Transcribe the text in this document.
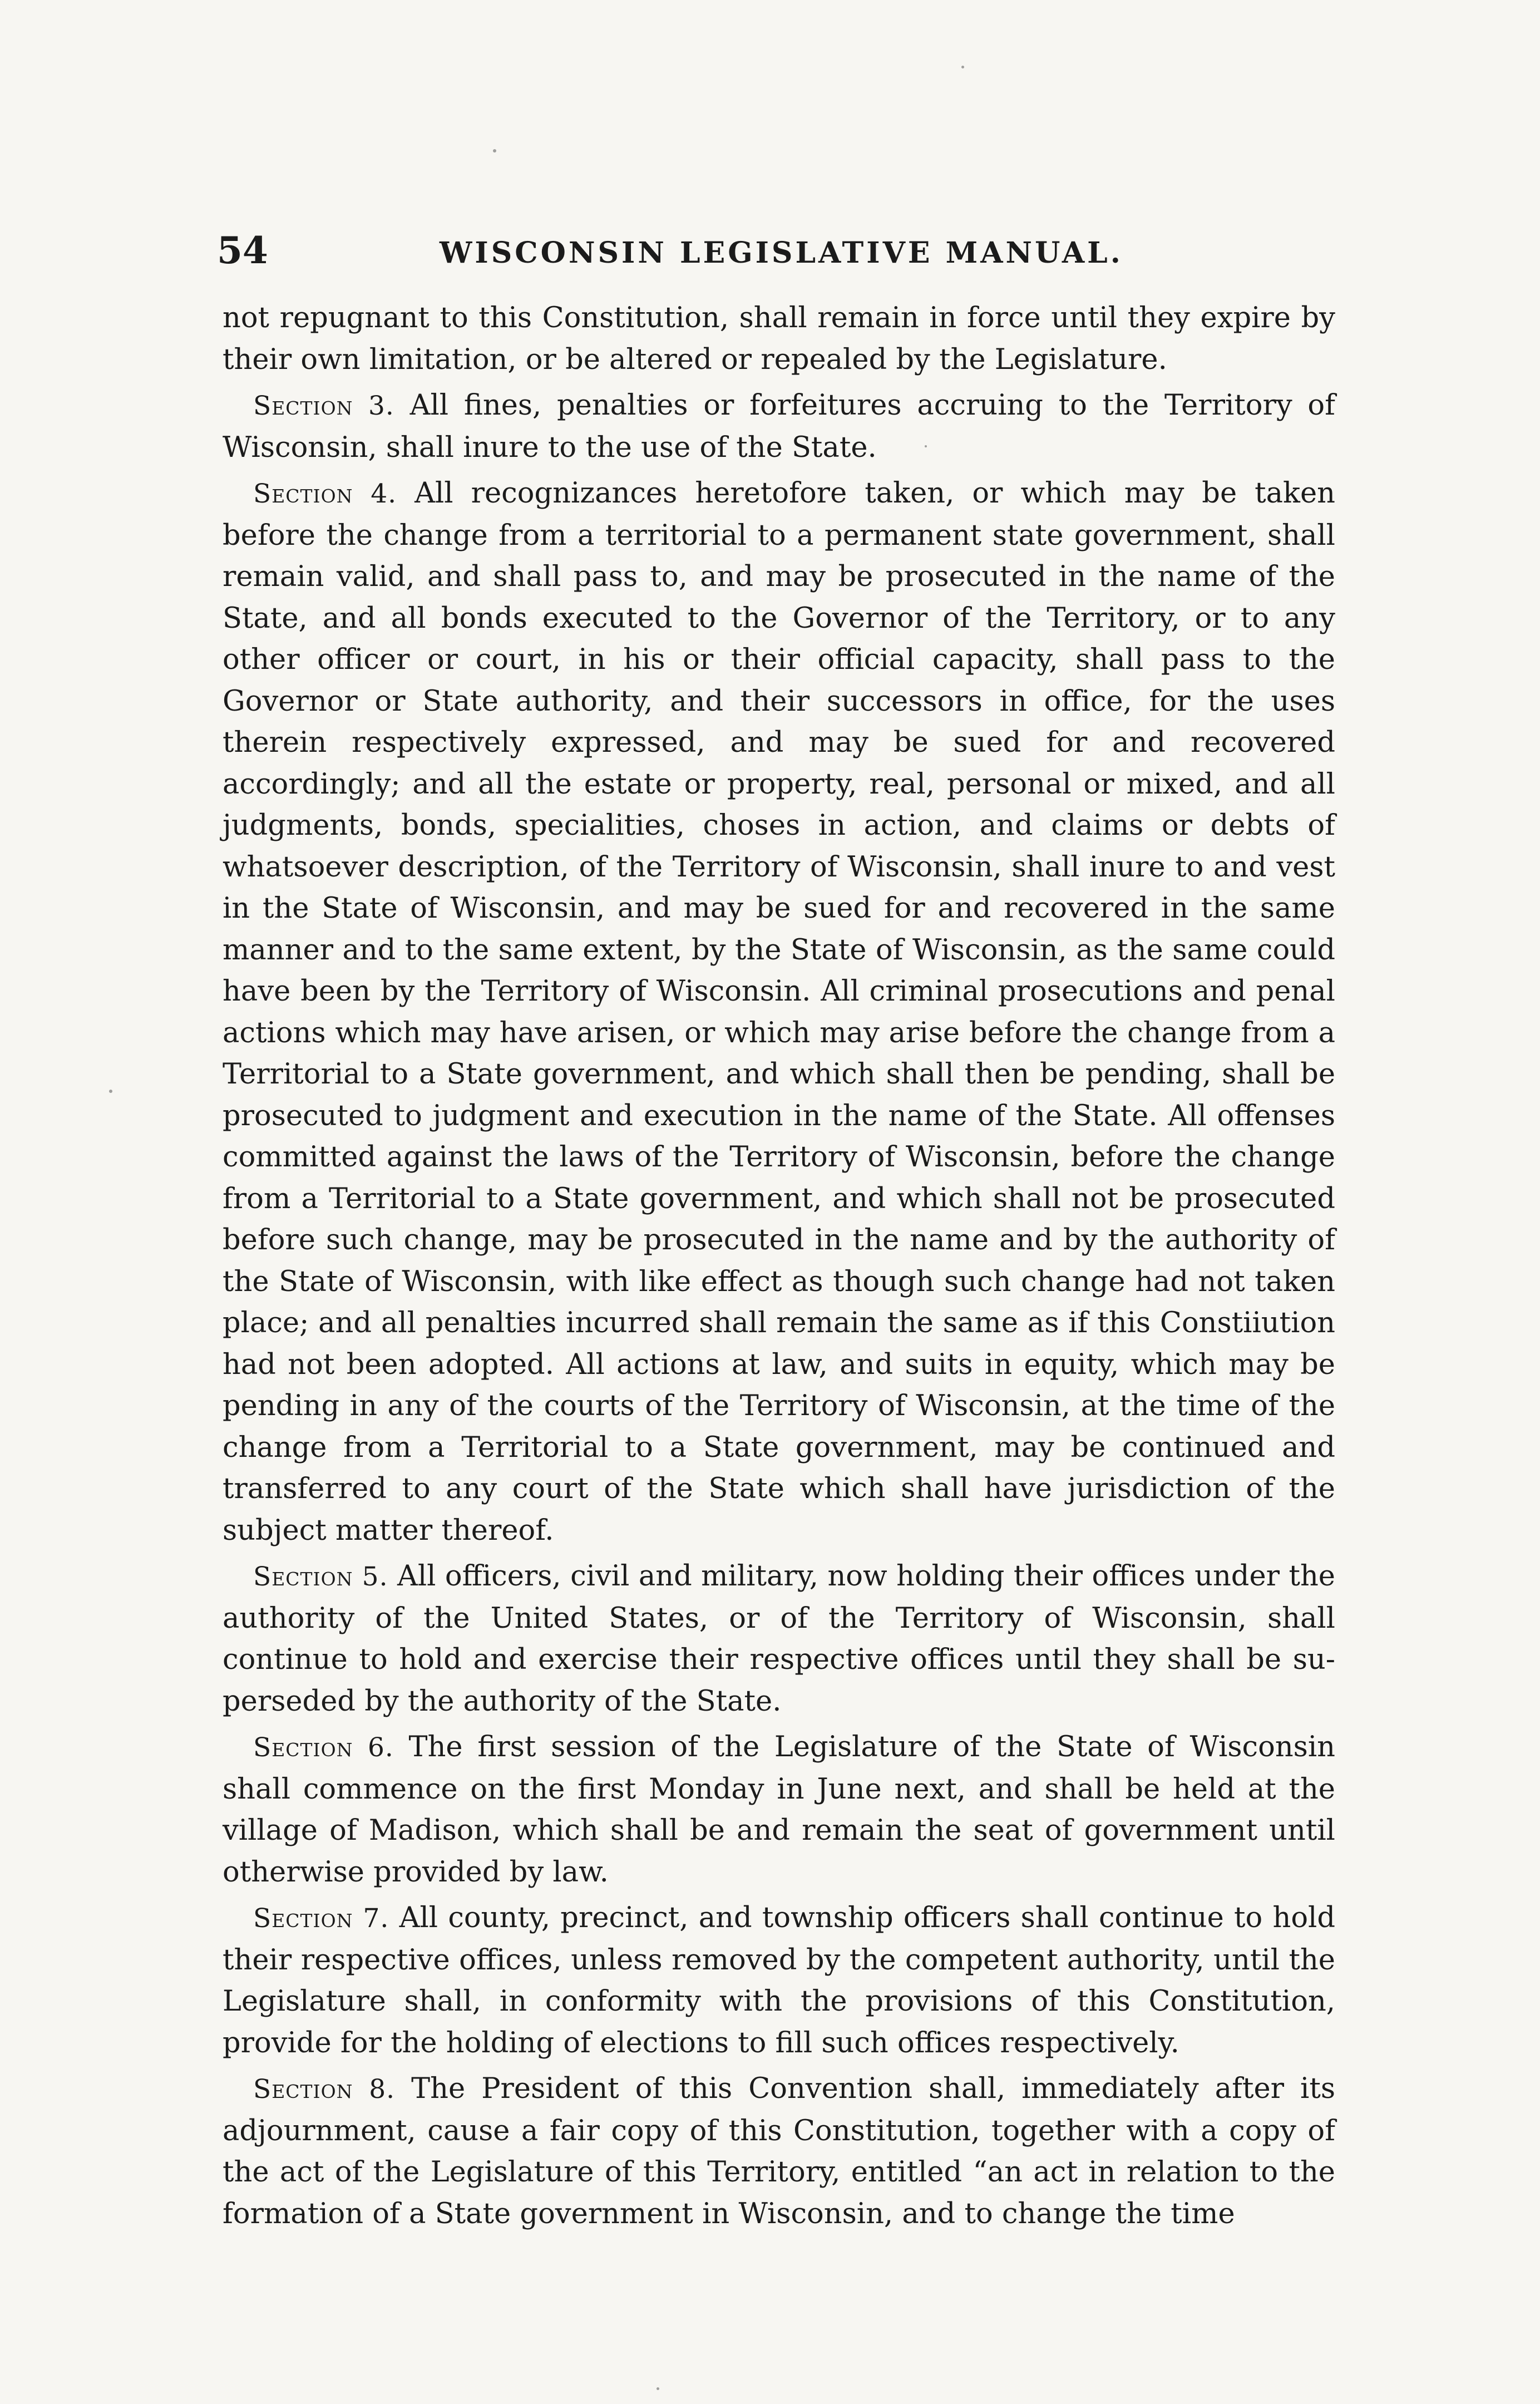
54	WISCONSIN LEGISLATIVE MANUAL.

not repugnant to this Constitution, shall remain in force until they expire by their own limitation, or be altered or repealed by the Legislature.

Section 3. All fines, penalties or forfeitures accruing to the Territory of Wisconsin, shall inure to the use of the State.

Section 4. All recognizances heretofore taken, or which may be taken before the change from a territorial to a permanent state government, shall remain valid, and shall pass to, and may be prosecuted in the name of the State, and all bonds executed to the Governor of the Territory, or to any other officer or court, in his or their official capacity, shall pass to the Governor or State authority, and their successors in office, for the uses therein respectively expressed, and may be sued for and recovered accordingly; and all the estate or property, real, personal or mixed, and all judgments, bonds, specialities, choses in action, and claims or debts of whatsoever description, of the Territory of Wisconsin, shall inure to and vest in the State of Wisconsin, and may be sued for and recovered in the same manner and to the same extent, by the State of Wisconsin, as the same could have been by the Territory of Wisconsin. All criminal prosecutions and penal actions which may have arisen, or which may arise before the change from a Territorial to a State government, and which shall then be pending, shall be prosecuted to judgment and execution in the name of the State. All offenses committed against the laws of the Territory of Wisconsin, before the change from a Territorial to a State government, and which shall not be prosecuted before such change, may be prosecuted in the name and by the authority of the State of Wisconsin, with like effect as though such change had not taken place; and all penalties incurred shall remain the same as if this Constiiution had not been adopted. All actions at law, and suits in equity, which may be pending in any of the courts of the Territory of Wisconsin, at the time of the change from a Territorial to a State government, may be continued and transferred to any court of the State which shall have jurisdiction of the subject matter thereof.

Section 5. All officers, civil and military, now holding their offices under the authority of the United States, or of the Territory of Wisconsin, shall continue to hold and exercise their respective offices until they shall be superseded by the authority of the State.

Section 6. The first session of the Legislature of the State of Wisconsin shall commence on the first Monday in June next, and shall be held at the village of Madison, which shall be and remain the seat of government until otherwise provided by law.

Section 7. All county, precinct, and township officers shall continue to hold their respective offices, unless removed by the competent authority, until the Legislature shall, in conformity with the provisions of this Constitution, provide for the holding of elections to fill such offices respectively.

Section 8. The President of this Convention shall, immediately after its adjournment, cause a fair copy of this Constitution, together with a copy of the act of the Legislature of this Territory, entitled “an act in relation to the formation of a State government in Wisconsin, and to change the time
